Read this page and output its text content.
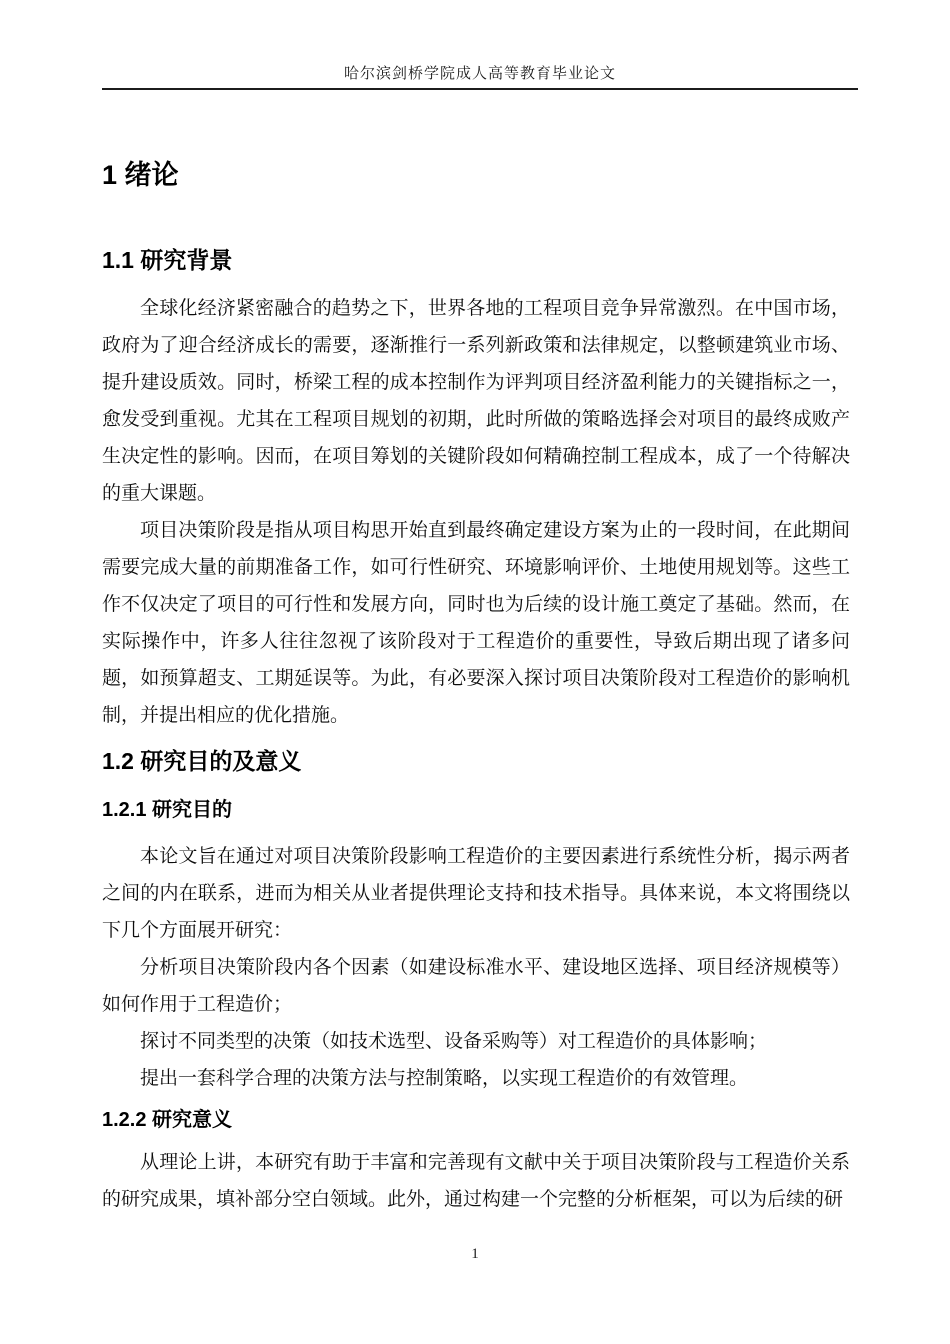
哈尔滨剑桥学院成人高等教育毕业论文
1 绪论
1.1 研究背景

全球化经济紧密融合的趋势之下，世界各地的工程项目竞争异常激烈。在中国市场，政府为了迎合经济成长的需要，逐渐推行一系列新政策和法律规定，以整顿建筑业市场、提升建设质效。同时，桥梁工程的成本控制作为评判项目经济盈利能力的关键指标之一，愈发受到重视。尤其在工程项目规划的初期，此时所做的策略选择会对项目的最终成败产生决定性的影响。因而，在项目筹划的关键阶段如何精确控制工程成本，成了一个待解决的重大课题。

项目决策阶段是指从项目构思开始直到最终确定建设方案为止的一段时间，在此期间需要完成大量的前期准备工作，如可行性研究、环境影响评价、土地使用规划等。这些工作不仅决定了项目的可行性和发展方向，同时也为后续的设计施工奠定了基础。然而，在实际操作中，许多人往往忽视了该阶段对于工程造价的重要性，导致后期出现了诸多问题，如预算超支、工期延误等。为此，有必要深入探讨项目决策阶段对工程造价的影响机制，并提出相应的优化措施。

1.2 研究目的及意义
1.2.1 研究目的

本论文旨在通过对项目决策阶段影响工程造价的主要因素进行系统性分析，揭示两者之间的内在联系，进而为相关从业者提供理论支持和技术指导。具体来说，本文将围绕以下几个方面展开研究：

分析项目决策阶段内各个因素（如建设标准水平、建设地区选择、项目经济规模等）如何作用于工程造价；

探讨不同类型的决策（如技术选型、设备采购等）对工程造价的具体影响；

提出一套科学合理的决策方法与控制策略，以实现工程造价的有效管理。

1.2.2 研究意义

从理论上讲，本研究有助于丰富和完善现有文献中关于项目决策阶段与工程造价关系的研究成果，填补部分空白领域。此外，通过构建一个完整的分析框架，可以为后续的研

1
